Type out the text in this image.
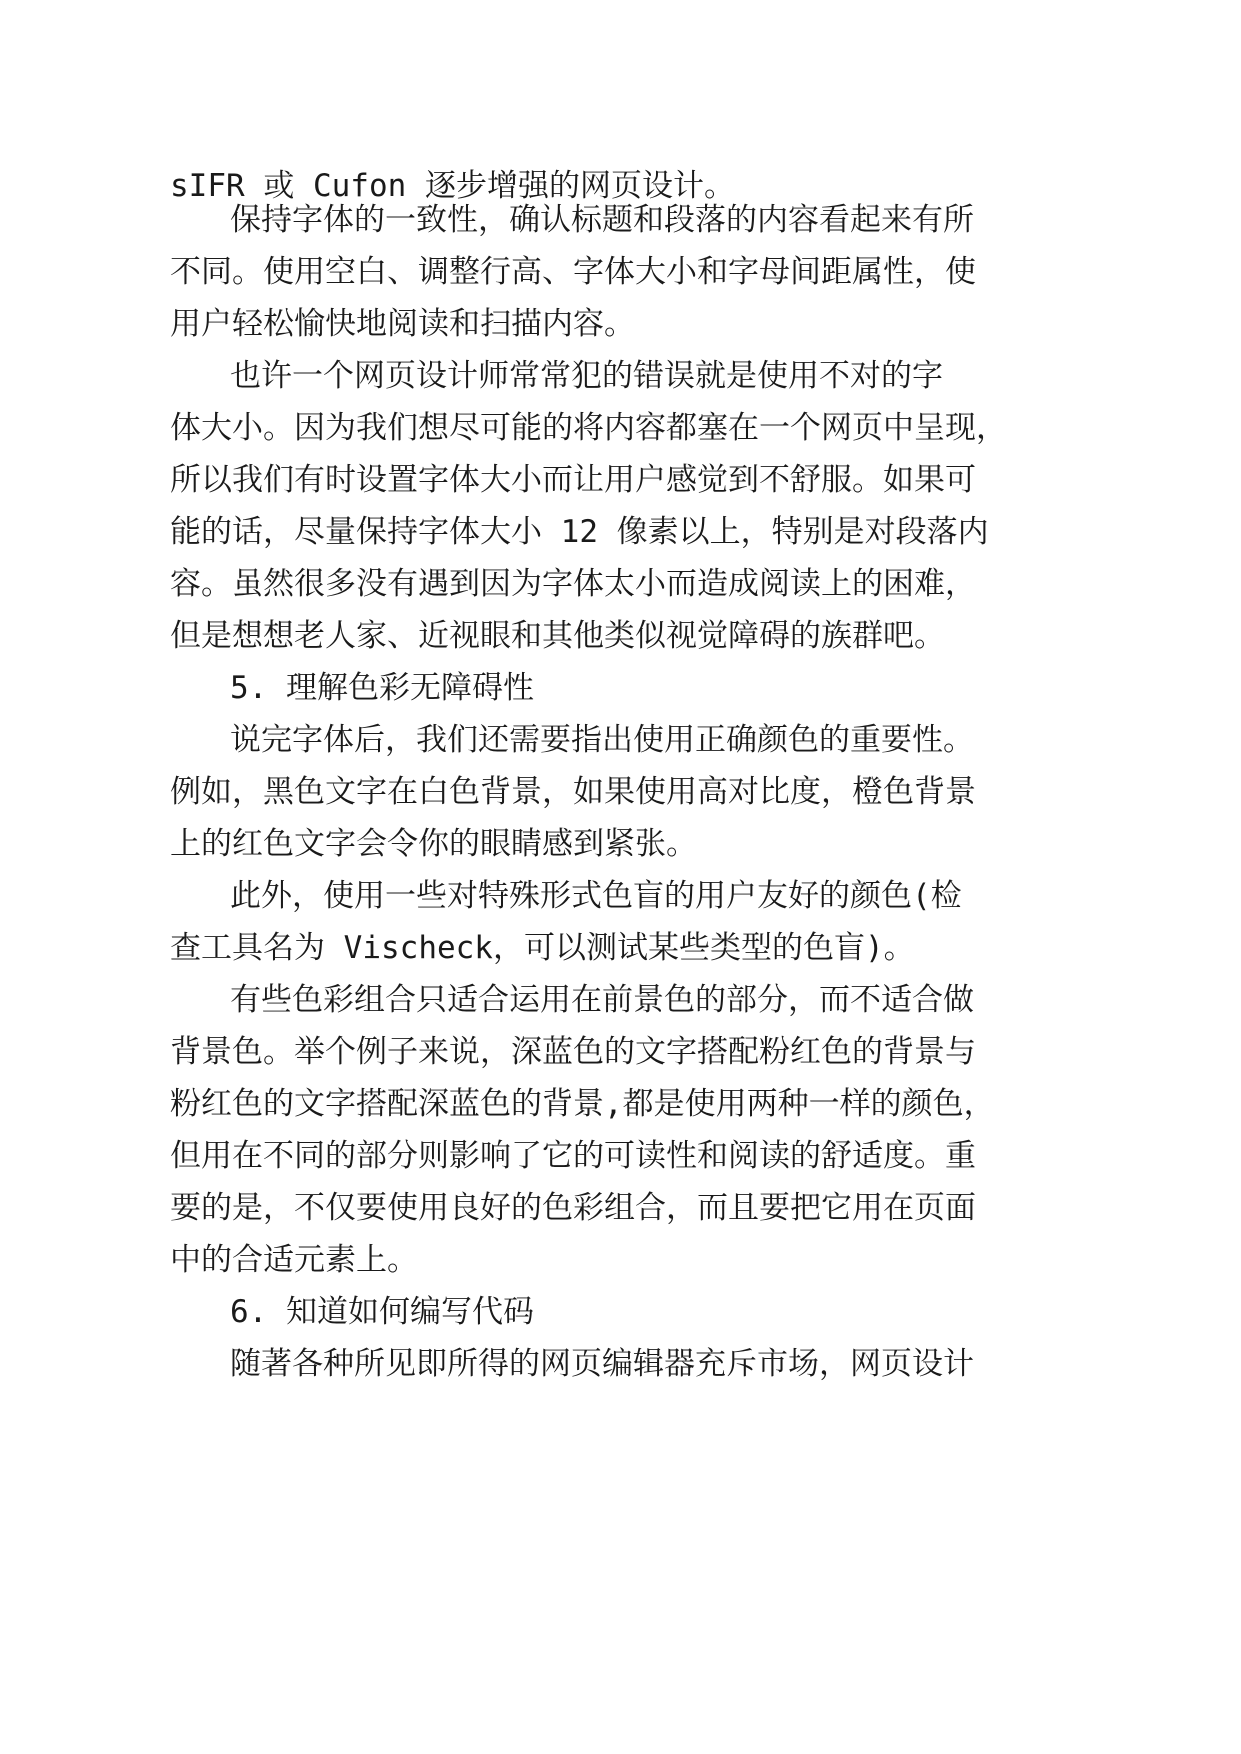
sIFR 或 Cufon 逐步增强的网页设计。
保持字体的一致性，确认标题和段落的内容看起来有所
不同。使用空白、调整行高、字体大小和字母间距属性，使
用户轻松愉快地阅读和扫描内容。
也许一个网页设计师常常犯的错误就是使用不对的字
体大小。因为我们想尽可能的将内容都塞在一个网页中呈现，
所以我们有时设置字体大小而让用户感觉到不舒服。如果可
能的话，尽量保持字体大小 12 像素以上，特别是对段落内
容。虽然很多没有遇到因为字体太小而造成阅读上的困难，
但是想想老人家、近视眼和其他类似视觉障碍的族群吧。
5. 理解色彩无障碍性
说完字体后，我们还需要指出使用正确颜色的重要性。
例如，黑色文字在白色背景，如果使用高对比度，橙色背景
上的红色文字会令你的眼睛感到紧张。
此外，使用一些对特殊形式色盲的用户友好的颜色(检
查工具名为 Vischeck，可以测试某些类型的色盲)。
有些色彩组合只适合运用在前景色的部分，而不适合做
背景色。举个例子来说，深蓝色的文字搭配粉红色的背景与
粉红色的文字搭配深蓝色的背景,都是使用两种一样的颜色，
但用在不同的部分则影响了它的可读性和阅读的舒适度。重
要的是，不仅要使用良好的色彩组合，而且要把它用在页面
中的合适元素上。
6. 知道如何编写代码
随著各种所见即所得的网页编辑器充斥市场，网页设计
